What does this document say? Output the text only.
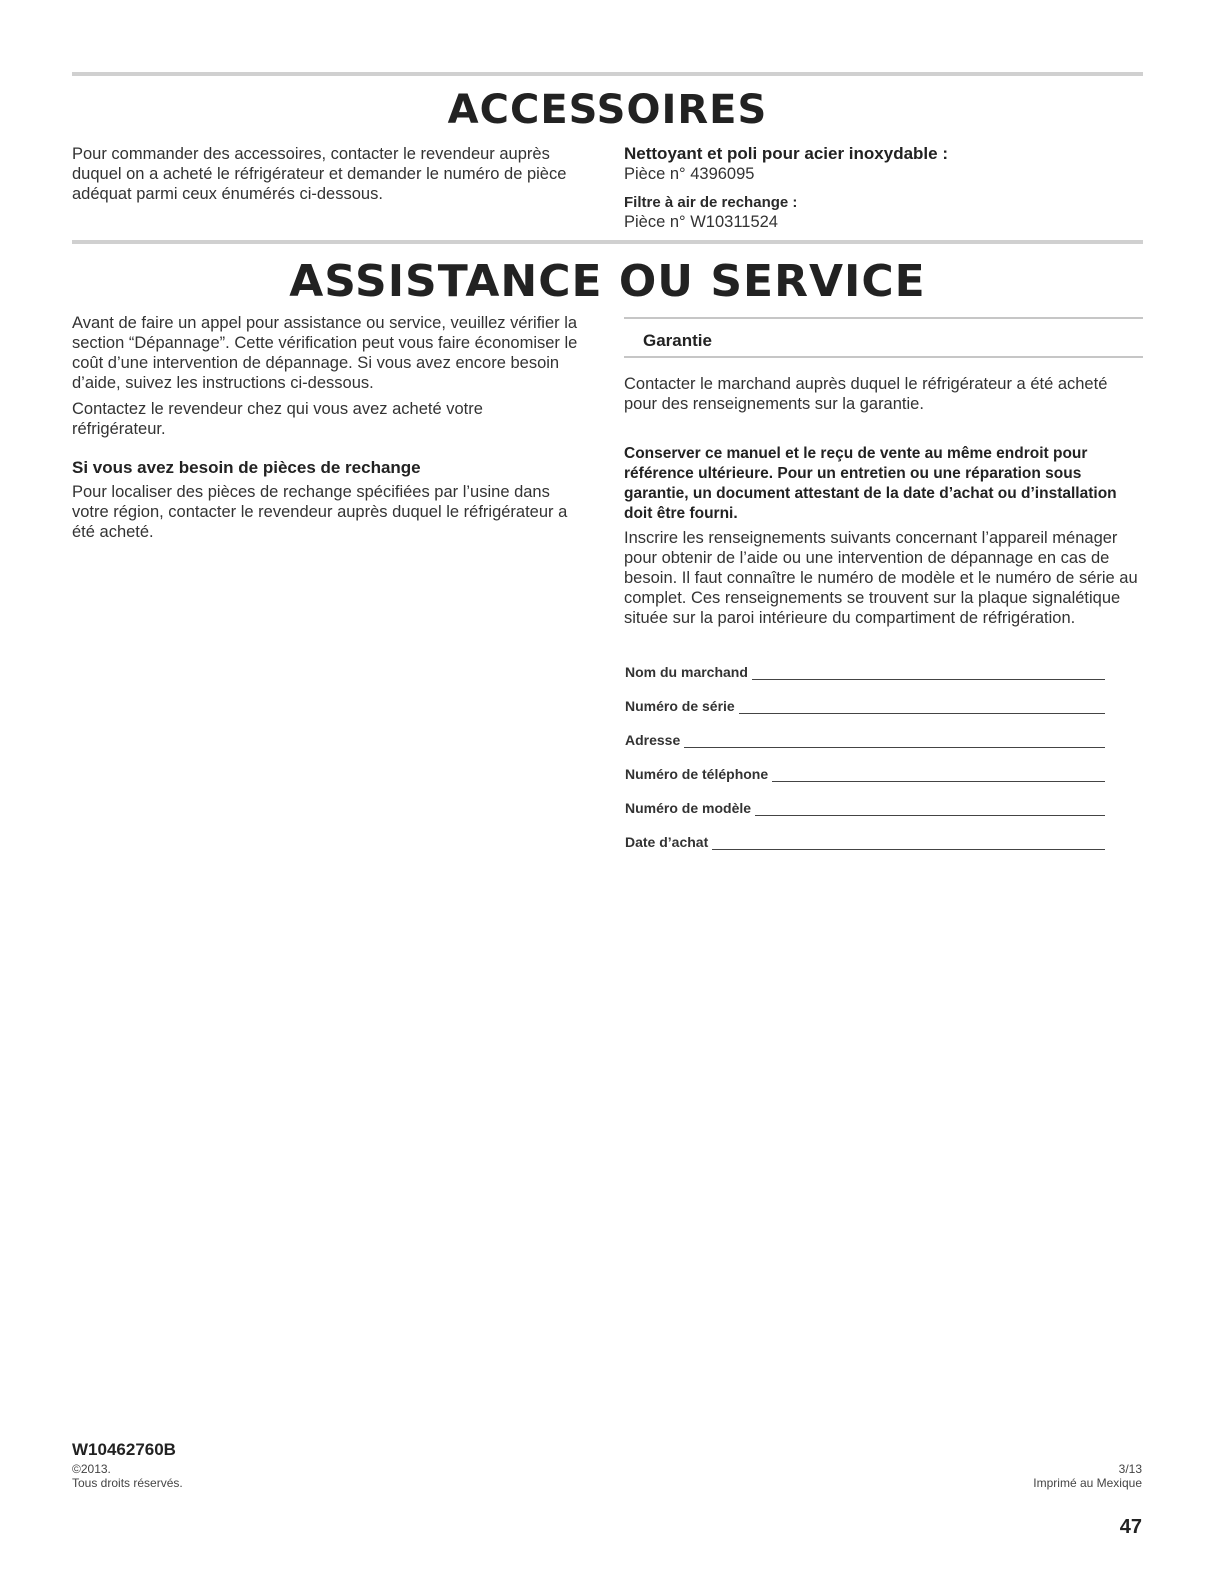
ACCESSOIRES

Pour commander des accessoires, contacter le revendeur auprès duquel on a acheté le réfrigérateur et demander le numéro de pièce adéquat parmi ceux énumérés ci-dessous.

Nettoyant et poli pour acier inoxydable :

Pièce n° 4396095

Filtre à air de rechange :

Pièce n° W10311524

ASSISTANCE OU SERVICE

Avant de faire un appel pour assistance ou service, veuillez vérifier la section “Dépannage”. Cette vérification peut vous faire économiser le coût d’une intervention de dépannage. Si vous avez encore besoin d’aide, suivez les instructions ci-dessous.

Contactez le revendeur chez qui vous avez acheté votre réfrigérateur.

Si vous avez besoin de pièces de rechange

Pour localiser des pièces de rechange spécifiées par l’usine dans votre région, contacter le revendeur auprès duquel le réfrigérateur a été acheté.

Garantie

Contacter le marchand auprès duquel le réfrigérateur a été acheté pour des renseignements sur la garantie.

Conserver ce manuel et le reçu de vente au même endroit pour référence ultérieure. Pour un entretien ou une réparation sous garantie, un document attestant de la date d’achat ou d’installation doit être fourni.

Inscrire les renseignements suivants concernant l’appareil ménager pour obtenir de l’aide ou une intervention de dépannage en cas de besoin. Il faut connaître le numéro de modèle et le numéro de série au complet. Ces renseignements se trouvent sur la plaque signalétique située sur la paroi intérieure du compartiment de réfrigération.

Nom du marchand
Numéro de série
Adresse
Numéro de téléphone
Numéro de modèle
Date d’achat

W10462760B

©2013.

Tous droits réservés.

3/13

Imprimé au Mexique

47
